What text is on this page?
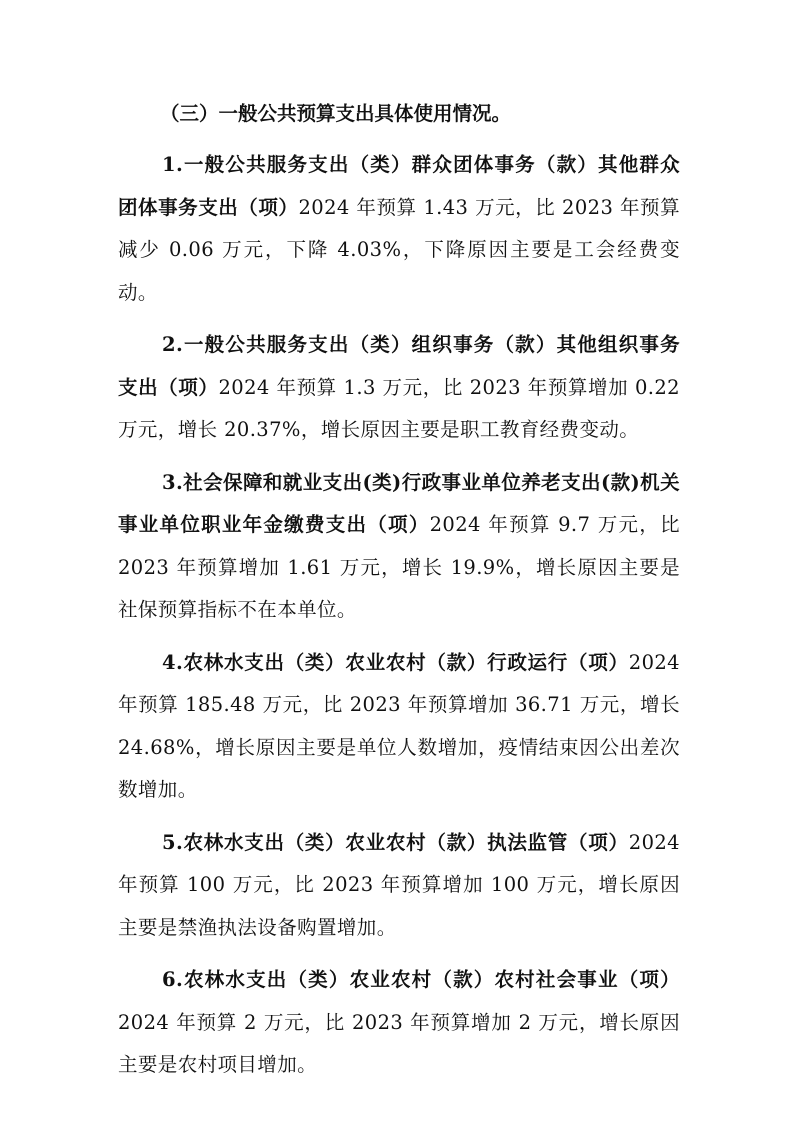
（三）一般公共预算支出具体使用情况。

1.一般公共服务支出（类）群众团体事务（款）其他群众团体事务支出（项）2024 年预算 1.43 万元，比 2023 年预算减少 0.06 万元，下降 4.03%，下降原因主要是工会经费变动。

2.一般公共服务支出（类）组织事务（款）其他组织事务支出（项）2024 年预算 1.3 万元，比 2023 年预算增加 0.22 万元，增长 20.37%，增长原因主要是职工教育经费变动。

3.社会保障和就业支出(类)行政事业单位养老支出(款)机关事业单位职业年金缴费支出（项）2024 年预算 9.7 万元，比 2023 年预算增加 1.61 万元，增长 19.9%，增长原因主要是社保预算指标不在本单位。

4.农林水支出（类）农业农村（款）行政运行（项）2024 年预算 185.48 万元，比 2023 年预算增加 36.71 万元，增长 24.68%，增长原因主要是单位人数增加，疫情结束因公出差次数增加。

5.农林水支出（类）农业农村（款）执法监管（项）2024 年预算 100 万元，比 2023 年预算增加 100 万元，增长原因主要是禁渔执法设备购置增加。

6.农林水支出（类）农业农村（款）农村社会事业（项）2024 年预算 2 万元，比 2023 年预算增加 2 万元，增长原因主要是农村项目增加。
